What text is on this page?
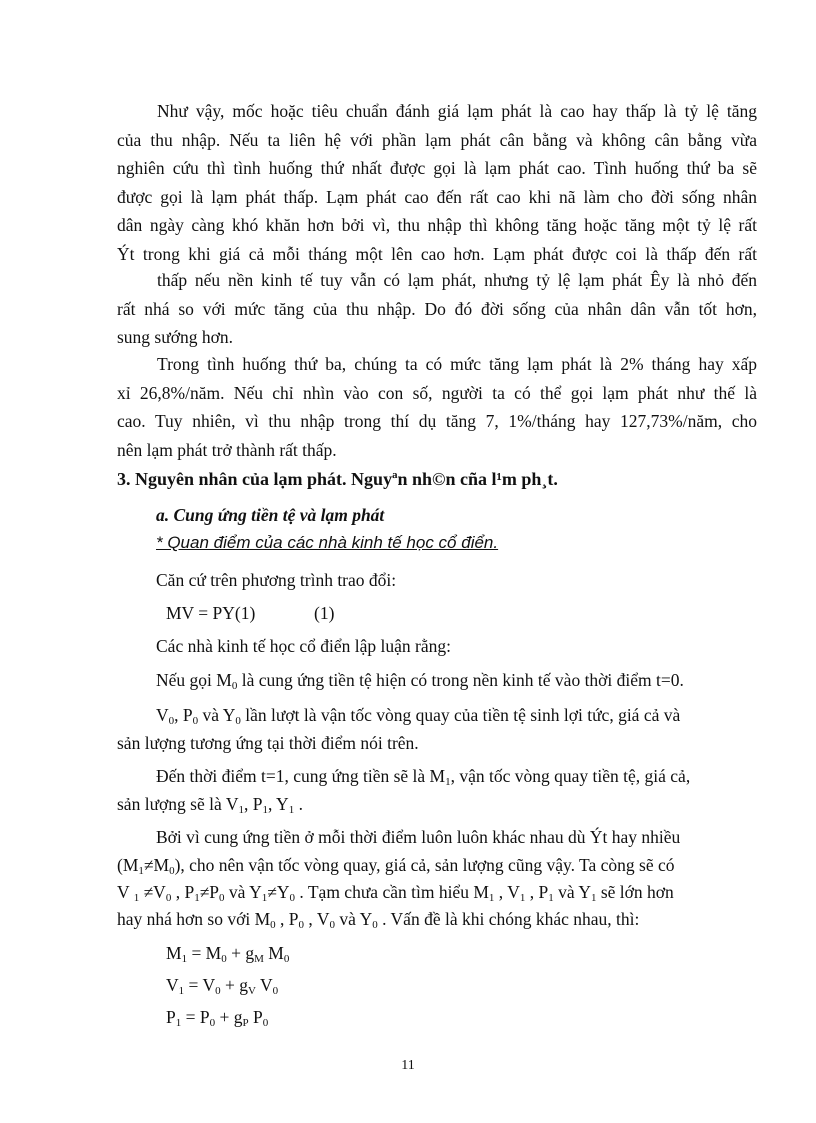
Như vậy, mốc hoặc tiêu chuẩn đánh giá lạm phát là cao hay thấp là tỷ lệ tăng
của thu nhập. Nếu ta liên hệ với phần lạm phát cân bằng và không cân bằng vừa
nghiên cứu thì tình huống thứ nhất được gọi là lạm phát cao. Tình huống thứ ba sẽ
được gọi là lạm phát thấp. Lạm phát cao đến rất cao khi nã làm cho đời sống nhân
dân ngày càng khó khăn hơn bởi vì, thu nhập thì không tăng hoặc tăng một tỷ lệ rất
Ýt trong khi giá cả mỗi tháng một lên cao hơn. Lạm phát được coi là thấp đến rất
thấp nếu nền kinh tế tuy vẫn có lạm phát, nhưng tỷ lệ lạm phát Êy là nhỏ đến
rất nhá so với mức tăng của thu nhập. Do đó đời sống của nhân dân vẫn tốt hơn,
sung sướng hơn.
Trong tình huống thứ ba, chúng ta có mức tăng lạm phát là 2% tháng hay xấp
xỉ 26,8%/năm. Nếu chỉ nhìn vào con số, người ta có thể gọi lạm phát như thế là
cao. Tuy nhiên, vì thu nhập trong thí dụ tăng 7, 1%/tháng hay 127,73%/năm, cho
nên lạm phát trở thành rất thấp.
3. Nguyên nhân của lạm phát. Nguyªn nh©n cña l¹m ph¸t.
a. Cung ứng tiền tệ và lạm phát
* Quan điểm của các nhà kinh tế học cổ điển.
Căn cứ trên phương trình trao đổi:
MV = PY(1)	(1)
Các nhà kinh tế học cổ điển lập luận rằng:
Nếu gọi $M_0$ là cung ứng tiền tệ hiện có trong nền kinh tế vào thời điểm t=0.
$V_0$, $P_0$ và $Y_0$ lần lượt là vận tốc vòng quay của tiền tệ sinh lợi tức, giá cả và
sản lượng tương ứng tại thời điểm nói trên.
Đến thời điểm t=1, cung ứng tiền sẽ là $M_1$, vận tốc vòng quay tiền tệ, giá cả,
sản lượng sẽ là $V_1$, $P_1$, $Y_1$ .
Bởi vì cung ứng tiền ở mỗi thời điểm luôn luôn khác nhau dù Ýt hay nhiều
$(M_1\ne M_0)$, cho nên vận tốc vòng quay, giá cả, sản lượng cũng vậy. Ta còng sẽ có
V $_1 \ne V_0$ , $P_1\ne P_0$ và $Y_1\ne Y_0$ . Tạm chưa cần tìm hiểu $M_1$ , $V_1$ , $P_1$ và $Y_1$ sẽ lớn hơn
hay nhá hơn so với $M_0$ , $P_0$ , $V_0$ và $Y_0$ . Vấn đề là khi chóng khác nhau, thì:
$M_1 = M_0 + g_M$ $M_0$
$V_1 = V_0 + g_V$ $V_0$
$P_1 = P_0 + g_P$ $P_0$
11
